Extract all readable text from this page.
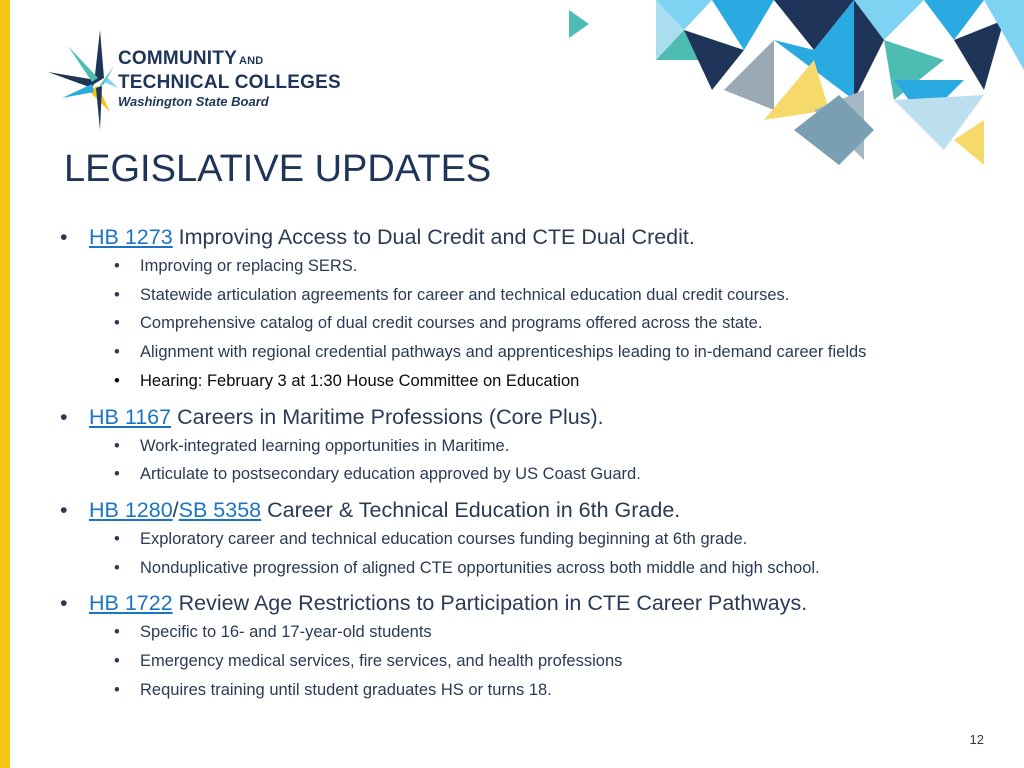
COMMUNITY AND
TECHNICAL COLLEGES
Washington State Board
LEGISLATIVE UPDATES
• HB 1273 Improving Access to Dual Credit and CTE Dual Credit.
• Improving or replacing SERS.
• Statewide articulation agreements for career and technical education dual credit courses.
• Comprehensive catalog of dual credit courses and programs offered across the state.
• Alignment with regional credential pathways and apprenticeships leading to in-demand career fields
• Hearing: February 3 at 1:30 House Committee on Education
• HB 1167 Careers in Maritime Professions (Core Plus).
• Work-integrated learning opportunities in Maritime.
• Articulate to postsecondary education approved by US Coast Guard.
• HB 1280/SB 5358 Career & Technical Education in 6th Grade.
• Exploratory career and technical education courses funding beginning at 6th grade.
• Nonduplicative progression of aligned CTE opportunities across both middle and high school.
• HB 1722 Review Age Restrictions to Participation in CTE Career Pathways.
• Specific to 16- and 17-year-old students
• Emergency medical services, fire services, and health professions
• Requires training until student graduates HS or turns 18.
12
